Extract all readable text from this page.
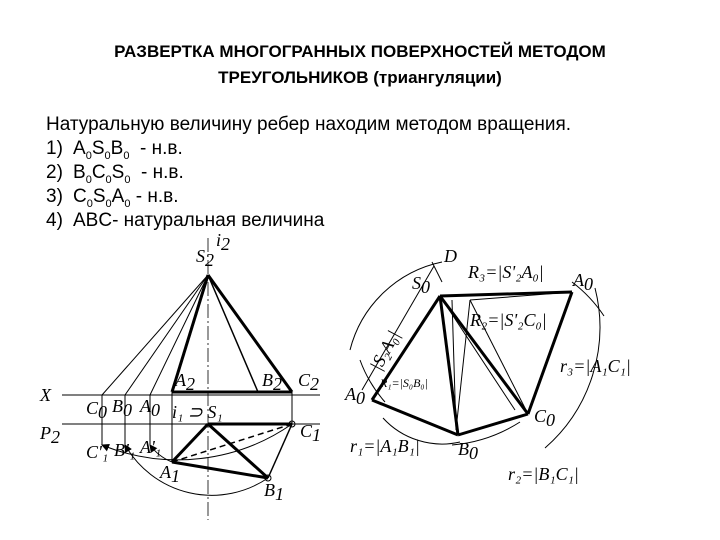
РАЗВЕРТКА МНОГОГРАННЫХ ПОВЕРХНОСТЕЙ МЕТОДОМ
ТРЕУГОЛЬНИКОВ (триангуляции)
Натуральную величину ребер находим методом вращения.
1) $A_0S_0B_0 - н.в$.
2) $B_0C_0S_0 - н.в$.
3) $C_0S_0A_0 - н.в$.
4) ABC- натуральная величина
S2
i2
A2	B2 C2
X
P2
C0 B0 A0 i₁ ⊃ S₁
C1
C'₁ B'₁ A'₁
A1
B1
D
S0
R₃=|S'₂A₀| A0
R₂=|S'₂C₀|
|S₂A₀|	r₃=|A₁C₁|
A0
R₁=|S₀B₀|
C0
r₁=|A₁B₁| B0
r₂=|B₁C₁|
